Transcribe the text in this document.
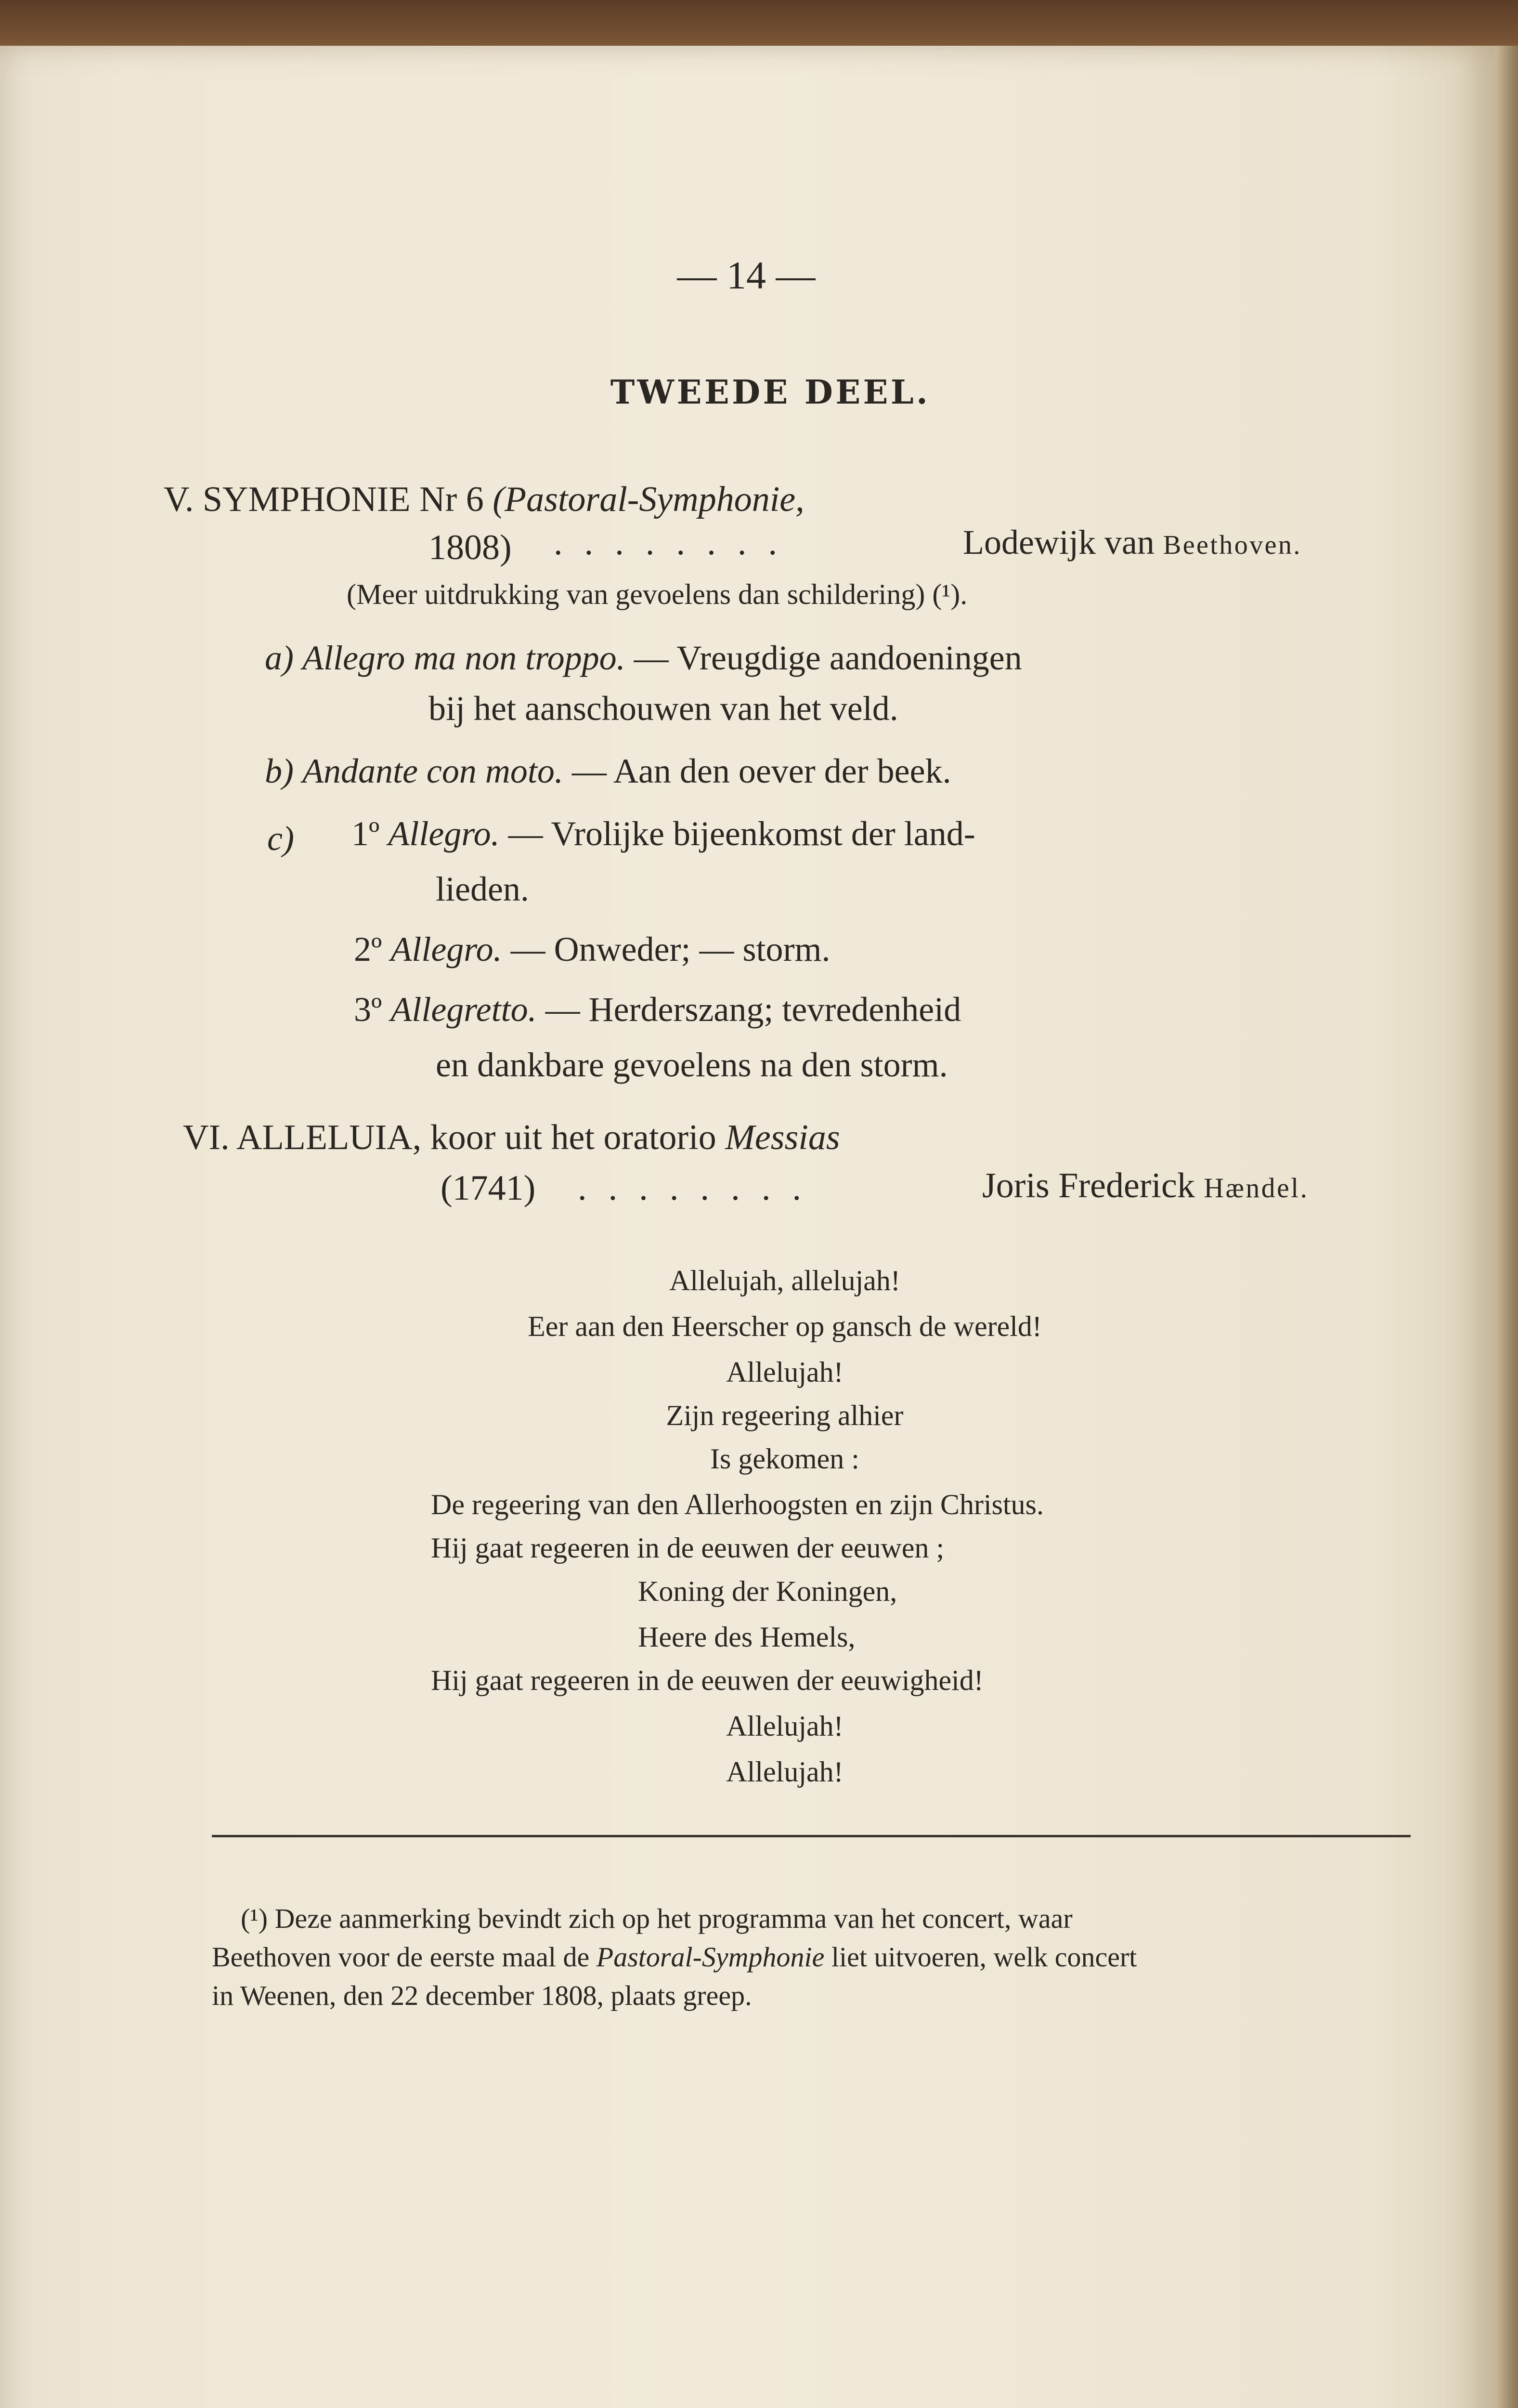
— 14 —
TWEEDE DEEL.
V. SYMPHONIE Nr 6 (Pastoral-Symphonie,
1808) . . . . . . . .	Lodewijk van Beethoven.
(Meer uitdrukking van gevoelens dan schildering) (¹).
a) Allegro ma non troppo. — Vreugdige aandoeningen
bij het aanschouwen van het veld.
b) Andante con moto. — Aan den oever der beek.
c) 1º Allegro. — Vrolijke bijeenkomst der land-
lieden.
2º Allegro. — Onweder; — storm.
3º Allegretto. — Herderszang; tevredenheid
en dankbare gevoelens na den storm.
VI. ALLELUIA, koor uit het oratorio Messias
(1741) . . . . . . . .	Joris Frederick Hændel.
Allelujah, allelujah!
Eer aan den Heerscher op gansch de wereld!
Allelujah!
Zijn regeering alhier
Is gekomen :
De regeering van den Allerhoogsten en zijn Christus.
Hij gaat regeeren in de eeuwen der eeuwen ;
Koning der Koningen,
Heere des Hemels,
Hij gaat regeeren in de eeuwen der eeuwigheid!
Allelujah!
Allelujah!
(¹) Deze aanmerking bevindt zich op het programma van het concert, waar
Beethoven voor de eerste maal de Pastoral-Symphonie liet uitvoeren, welk concert
in Weenen, den 22 december 1808, plaats greep.
